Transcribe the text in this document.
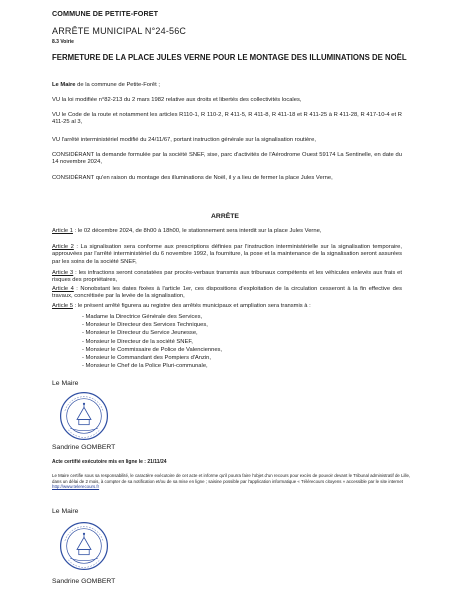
COMMUNE DE PETITE-FORET
ARRÊTE MUNICIPAL N°24-56C
8.3 Voirie
FERMETURE DE LA PLACE JULES VERNE POUR LE MONTAGE DES ILLUMINATIONS DE NOËL
Le Maire de la commune de Petite-Forêt ;
VU la loi modifiée n°82-213 du 2 mars 1982 relative aux droits et libertés des collectivités locales,
VU le Code de la route et notamment les articles R110-1, R 110-2, R 411-5, R 411-8, R 411-18 et R 411-25 à R 411-28, R 417-10-4 et R 411-25 al 3,
VU l'arrêté interministériel modifié du 24/11/67, portant instruction générale sur la signalisation routière,
CONSIDÉRANT la demande formulée par la société SNEF, sise, parc d'activités de l'Aérodrome Ouest 59174 La Sentinelle, en date du 14 novembre 2024,
CONSIDÉRANT qu'en raison du montage des illuminations de Noël, il y a lieu de fermer la place Jules Verne,
ARRÊTE
Article 1 : le 02 décembre 2024, de 8h00 à 18h00, le stationnement sera interdit sur la place Jules Verne,
Article 2 : La signalisation sera conforme aux prescriptions définies par l'instruction interministérielle sur la signalisation temporaire, approuvées par l'arrêté interministériel du 6 novembre 1992, la fourniture, la pose et la maintenance de la signalisation seront assurées par les soins de la société SNEF,
Article 3 : les infractions seront constatées par procès-verbaux transmis aux tribunaux compétents et les véhicules enlevés aux frais et risques des propriétaires,
Article 4 : Nonobstant les dates fixées à l'article 1er, ces dispositions d'exploitation de la circulation cesseront à la fin effective des travaux, concrétisée par la levée de la signalisation,
Article 5 : le présent arrêté figurera au registre des arrêtés municipaux et ampliation sera transmis à :
- Madame la Directrice Générale des Services,
- Monsieur le Directeur des Services Techniques,
- Monsieur le Directeur du Service Jeunesse,
- Monsieur le Directeur de la société SNEF,
- Monsieur le Commissaire de Police de Valenciennes,
- Monsieur le Commandant des Pompiers d'Anzin,
- Monsieur le Chef de la Police Pluri-communale,
Le Maire
Sandrine GOMBERT
Acte certifié exécutoire mis en ligne le : 21/11/24
Le Maire certifie sous sa responsabilité, le caractère exécutoire de cet acte et informe qu'il pourra faire l'objet d'un recours pour excès de pouvoir devant le Tribunal administratif de Lille, dans un délai de 2 mois, à compter de sa notification et/ou de sa mise en ligne ; saisine possible par l'application informatique « Télérecours citoyens » accessible par le site internet http://www.telerecours.fr
Le Maire
Sandrine GOMBERT
